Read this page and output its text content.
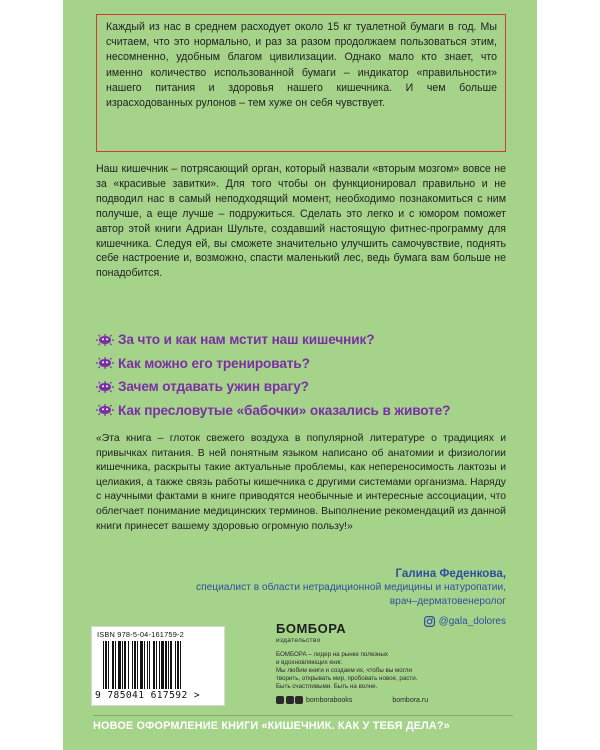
Каждый из нас в среднем расходует около 15 кг туалетной бумаги в год. Мы считаем, что это нормально, и раз за разом продолжаем пользоваться этим, несомненно, удобным благом цивилизации. Однако мало кто знает, что именно количество использованной бумаги – индикатор «правильности» нашего питания и здоровья нашего кишечника. И чем больше израсходованных рулонов – тем хуже он себя чувствует.
Наш кишечник – потрясающий орган, который назвали «вторым мозгом» вовсе не за «красивые завитки». Для того чтобы он функционировал правильно и не подводил нас в самый неподходящий момент, необходимо познакомиться с ним получше, а еще лучше – подружиться. Сделать это легко и с юмором поможет автор этой книги Адриан Шульте, создавший настоящую фитнес-программу для кишечника. Следуя ей, вы сможете значительно улучшить самочувствие, поднять себе настроение и, возможно, спасти маленький лес, ведь бумага вам больше не понадобится.
За что и как нам мстит наш кишечник?
Как можно его тренировать?
Зачем отдавать ужин врагу?
Как пресловутые «бабочки» оказались в животе?
«Эта книга – глоток свежего воздуха в популярной литературе о традициях и привычках питания. В ней понятным языком написано об анатомии и физиологии кишечника, раскрыты такие актуальные проблемы, как непереносимость лактозы и целиакия, а также связь работы кишечника с другими системами организма. Наряду с научными фактами в книге приводятся необычные и интересные ассоциации, что облегчает понимание медицинских терминов. Выполнение рекомендаций из данной книги принесет вашему здоровью огромную пользу!»
Галина Феденкова,
специалист в области нетрадиционной медицины и натуропатии,
врач–дерматовенеролог
@gala_dolores
ISBN 978-5-04-161759-2
9 785041 617592 >
БОМБОРА
издательство
БОМБОРА – лидер на рынке полезных
и вдохновляющих книг.
Мы любим книги и создаем их, чтобы вы могли
творить, открывать мир, пробовать новое, расти.
Быть счастливыми. Быть на волне.
bomborabooks	bombora.ru
НОВОЕ ОФОРМЛЕНИЕ КНИГИ «КИШЕЧНИК. КАК У ТЕБЯ ДЕЛА?»
